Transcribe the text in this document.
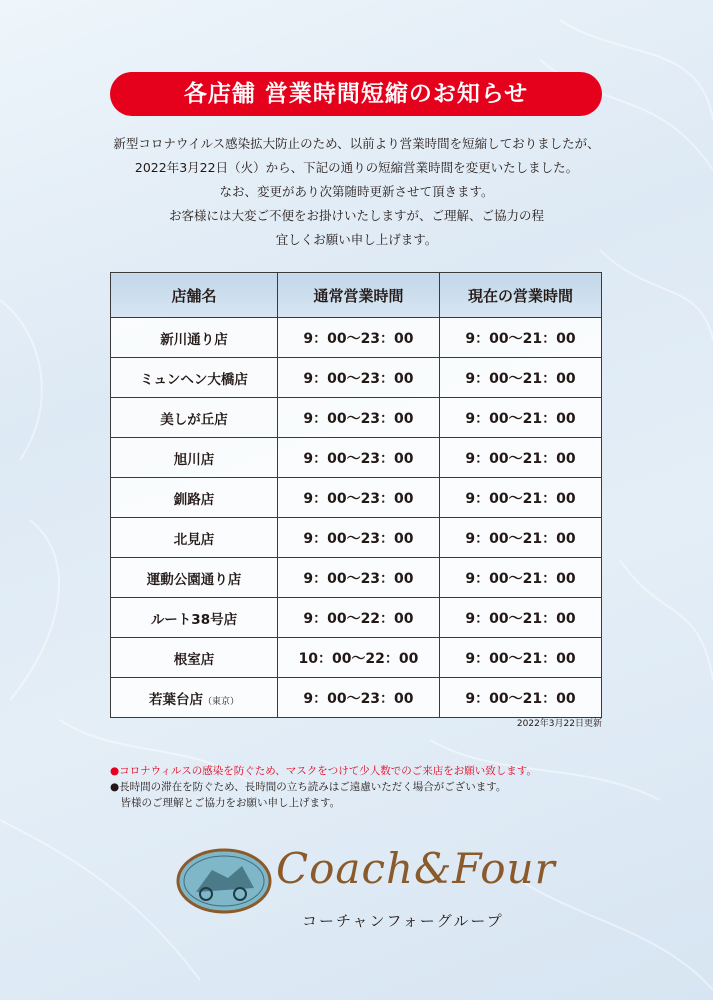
各店舗 営業時間短縮のお知らせ
新型コロナウイルス感染拡大防止のため、以前より営業時間を短縮しておりましたが、
2022年3月22日（火）から、下記の通りの短縮営業時間を変更いたしました。
なお、変更があり次第随時更新させて頂きます。
お客様には大変ご不便をお掛けいたしますが、ご理解、ご協力の程
宜しくお願い申し上げます。
店舗名	通常営業時間	現在の営業時間
新川通り店	9：00〜23：00	9：00〜21：00
ミュンヘン大橋店	9：00〜23：00	9：00〜21：00
美しが丘店	9：00〜23：00	9：00〜21：00
旭川店	9：00〜23：00	9：00〜21：00
釧路店	9：00〜23：00	9：00〜21：00
北見店	9：00〜23：00	9：00〜21：00
運動公園通り店	9：00〜23：00	9：00〜21：00
ルート38号店	9：00〜22：00	9：00〜21：00
根室店	10：00〜22：00	9：00〜21：00
若葉台店（東京）	9：00〜23：00	9：00〜21：00
2022年3月22日更新
●コロナウィルスの感染を防ぐため、マスクをつけて少人数でのご来店をお願い致します。
●長時間の滞在を防ぐため、長時間の立ち読みはご遠慮いただく場合がございます。
　皆様のご理解とご協力をお願い申し上げます。
Coach&Four
コーチャンフォーグループ
